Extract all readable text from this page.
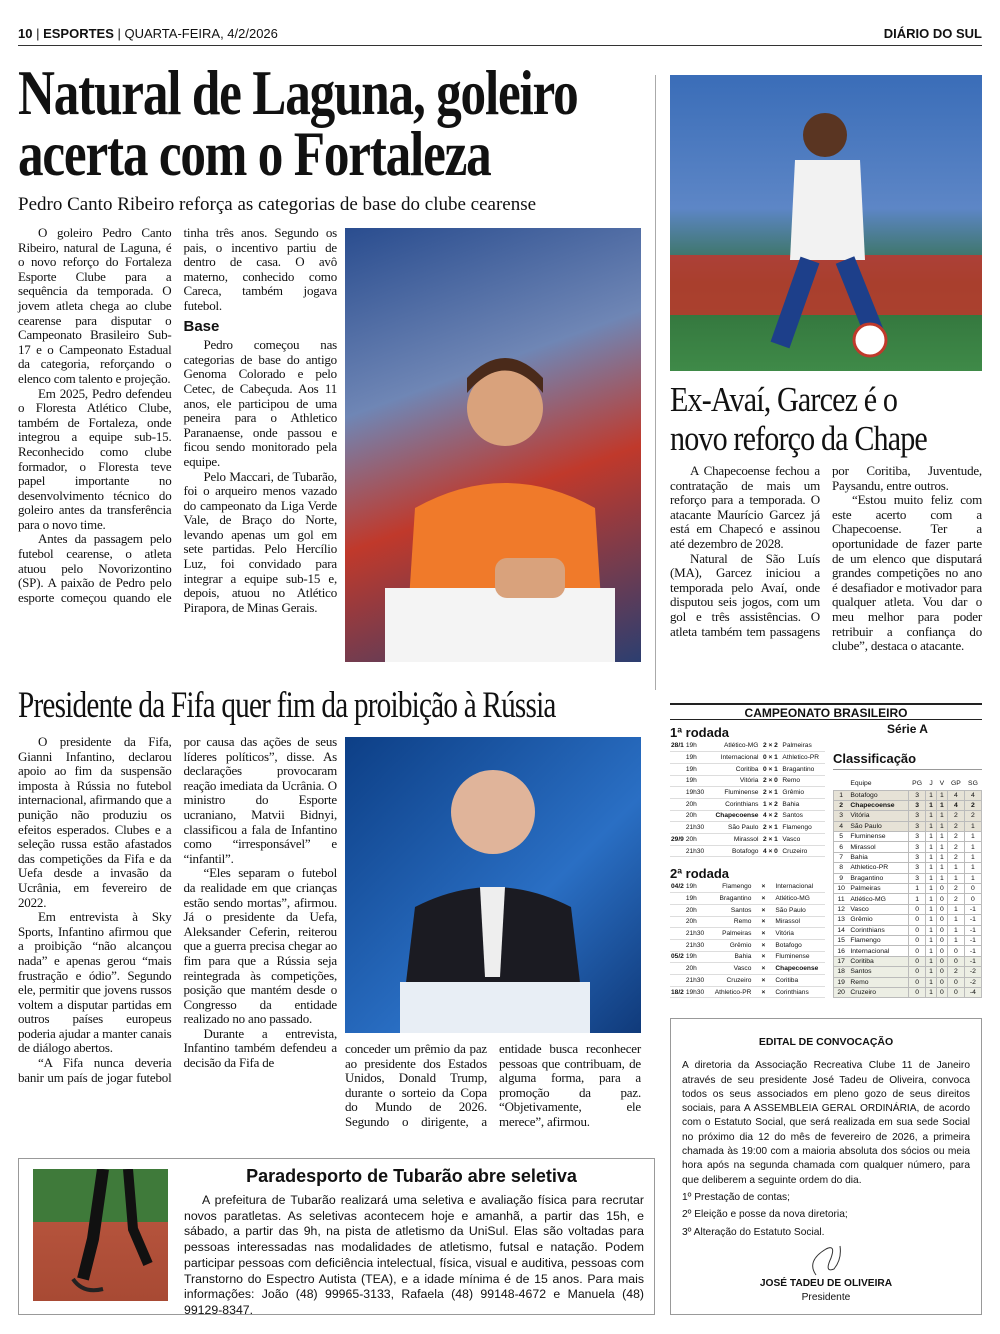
10 | ESPORTES | QUARTA-FEIRA, 4/2/2026	DIÁRIO DO SUL
Natural de Laguna, goleiro
acerta com o Fortaleza
Pedro Canto Ribeiro reforça as categorias de base do clube cearense

O goleiro Pedro Canto Ribeiro, natural de Laguna, é o novo reforço do Fortaleza Esporte Clube para a sequência da temporada. O jovem atleta chega ao clube cearense para disputar o Campeonato Brasileiro Sub-17 e o Campeonato Estadual da categoria, reforçando o elenco com talento e projeção.

Em 2025, Pedro defendeu o Floresta Atlético Clube, também de Fortaleza, onde integrou a equipe sub-15. Reconhecido como clube formador, o Floresta teve papel importante no desenvolvimento técnico do goleiro antes da transferência para o novo time.

Antes da passagem pelo futebol cearense, o atleta atuou pelo Novorizontino (SP). A paixão de Pedro pelo esporte começou quando ele tinha três anos. Segundo os pais, o incentivo partiu de dentro de casa. O avô materno, conhecido como Careca, também jogava futebol.

Base

Pedro começou nas categorias de base do antigo Genoma Colorado e pelo Cetec, de Cabeçuda. Aos 11 anos, ele participou de uma peneira para o Athletico Paranaense, onde passou e ficou sendo monitorado pela equipe.

Pelo Maccari, de Tubarão, foi o arqueiro menos vazado do campeonato da Liga Verde Vale, de Braço do Norte, levando apenas um gol em sete partidas. Pelo Hercílio Luz, foi convidado para integrar a equipe sub-15 e, depois, atuou no Atlético Pirapora, de Minas Gerais.

Ex-Avaí, Garcez é o
novo reforço da Chape

A Chapecoense fechou a contratação de mais um reforço para a temporada. O atacante Maurício Garcez já está em Chapecó e assinou até dezembro de 2028.

Natural de São Luís (MA), Garcez iniciou a temporada pelo Avaí, onde disputou seis jogos, com um gol e três assistências. O atleta também tem passagens por Coritiba, Juventude, Paysandu, entre outros.

“Estou muito feliz com este acerto com a Chapecoense. Ter a oportunidade de fazer parte de um elenco que disputará grandes competições no ano é desafiador e motivador para qualquer atleta. Vou dar o meu melhor para poder retribuir a confiança do clube”, destaca o atacante.

Presidente da Fifa quer fim da proibição à Rússia

O presidente da Fifa, Gianni Infantino, declarou apoio ao fim da suspensão imposta à Rússia no futebol internacional, afirmando que a punição não produziu os efeitos esperados. Clubes e a seleção russa estão afastados das competições da Fifa e da Uefa desde a invasão da Ucrânia, em fevereiro de 2022.

Em entrevista à Sky Sports, Infantino afirmou que a proibição “não alcançou nada” e apenas gerou “mais frustração e ódio”. Segundo ele, permitir que jovens russos voltem a disputar partidas em outros países europeus poderia ajudar a manter canais de diálogo abertos.

“A Fifa nunca deveria banir um país de jogar futebol por causa das ações de seus líderes políticos”, disse. As declarações provocaram reação imediata da Ucrânia. O ministro do Esporte ucraniano, Matvii Bidnyi, classificou a fala de Infantino como “irresponsável” e “infantil”.

“Eles separam o futebol da realidade em que crianças estão sendo mortas”, afirmou. Já o presidente da Uefa, Aleksander Ceferin, reiterou que a guerra precisa chegar ao fim para que a Rússia seja reintegrada às competições, posição que mantém desde o Congresso da entidade realizado no ano passado.

Durante a entrevista, Infantino também defendeu a decisão da Fifa de

conceder um prêmio da paz ao presidente dos Estados Unidos, Donald Trump, durante o sorteio da Copa do Mundo de 2026. Segundo o dirigente, a entidade busca reconhecer pessoas que contribuam, de alguma forma, para a promoção da paz. “Objetivamente, ele merece”, afirmou.

CAMPEONATO BRASILEIRO
Série A
1ª rodada
28/1	19h	Atlético-MG	2 × 2	Palmeiras
	19h	Internacional	0 × 1	Athletico-PR
	19h	Coritiba	0 × 1	Bragantino
	19h	Vitória	2 × 0	Remo
	19h30	Fluminense	2 × 1	Grêmio
	20h	Corinthians	1 × 2	Bahia
	20h	Chapecoense	4 × 2	Santos
	21h30	São Paulo	2 × 1	Flamengo
29/9	20h	Mirassol	2 × 1	Vasco
	21h30	Botafogo	4 × 0	Cruzeiro
2ª rodada
04/2	19h	Flamengo	×	Internacional
	19h	Bragantino	×	Atlético-MG
	20h	Santos	×	São Paulo
	20h	Remo	×	Mirassol
	21h30	Palmeiras	×	Vitória
	21h30	Grêmio	×	Botafogo
05/2	19h	Bahia	×	Fluminense
	20h	Vasco	×	Chapecoense
	21h30	Cruzeiro	×	Coritiba
18/2	19h30	Athletico-PR	×	Corinthians
Classificação
	Equipe	PG	J	V	GP	SG
1	Botafogo	3	1	1	4	4
2	Chapecoense	3	1	1	4	2
3	Vitória	3	1	1	2	2
4	São Paulo	3	1	1	2	1
5	Fluminense	3	1	1	2	1
6	Mirassol	3	1	1	2	1
7	Bahia	3	1	1	2	1
8	Athletico-PR	3	1	1	1	1
9	Bragantino	3	1	1	1	1
10	Palmeiras	1	1	0	2	0
11	Atlético-MG	1	1	0	2	0
12	Vasco	0	1	0	1	-1
13	Grêmio	0	1	0	1	-1
14	Corinthians	0	1	0	1	-1
15	Flamengo	0	1	0	1	-1
16	Internacional	0	1	0	0	-1
17	Coritiba	0	1	0	0	-1
18	Santos	0	1	0	2	-2
19	Remo	0	1	0	0	-2
20	Cruzeiro	0	1	0	0	-4
EDITAL DE CONVOCAÇÃO

A diretoria da Associação Recreativa Clube 11 de Janeiro através de seu presidente José Tadeu de Oliveira, convoca todos os seus associados em pleno gozo de seus direitos sociais, para A ASSEMBLEIA GERAL ORDINÁRIA, de acordo com o Estatuto Social, que será realizada em sua sede Social no próximo dia 12 do mês de fevereiro de 2026, a primeira chamada às 19:00 com a maioria absoluta dos sócios ou meia hora após na segunda chamada com qualquer número, para que deliberem a seguinte ordem do dia.

1º Prestação de contas;

2º Eleição e posse da nova diretoria;

3º Alteração do Estatuto Social.

JOSÉ TADEU DE OLIVEIRA
Presidente
Paradesporto de Tubarão abre seletiva

A prefeitura de Tubarão realizará uma seletiva e avaliação física para recrutar novos paratletas. As seletivas acontecem hoje e amanhã, a partir das 15h, e sábado, a partir das 9h, na pista de atletismo da UniSul. Elas são voltadas para pessoas interessadas nas modalidades de atletismo, futsal e natação. Podem participar pessoas com deficiência intelectual, física, visual e auditiva, pessoas com Transtorno do Espectro Autista (TEA), e a idade mínima é de 15 anos. Para mais informações: João (48) 99965-3133, Rafaela (48) 99148-4672 e Manuela (48) 99129-8347.
